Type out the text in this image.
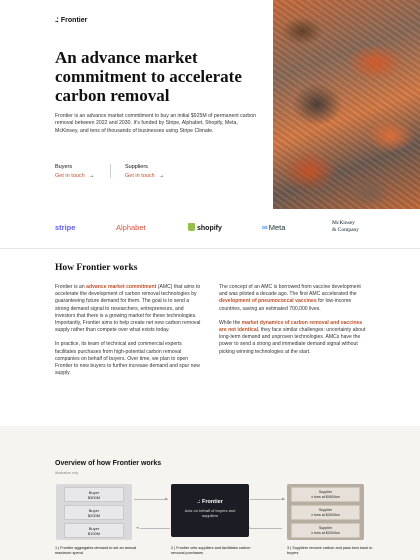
.: Frontier
An advance market commitment to accelerate carbon removal

Frontier is an advance market commitment to buy an initial $925M of permanent carbon removal between 2022 and 2030. It's funded by Stripe, Alphabet, Shopify, Meta, McKinsey, and tens of thousands of businesses using Stripe Climate.

Buyers
Get in touch →
Suppliers
Get in touch →
stripe	Alphabet	shopify	∞Meta	McKinsey
& Company
How Frontier works

Frontier is an advance market commitment (AMC) that aims to accelerate the development of carbon removal technologies by guaranteeing future demand for them. The goal is to send a strong demand signal to researchers, entrepreneurs, and investors that there is a growing market for these technologies. Importantly, Frontier aims to help create net new carbon removal supply rather than compete over what exists today.

In practice, its team of technical and commercial experts facilitates purchases from high-potential carbon removal companies on behalf of buyers. Over time, we plan to open Frontier to new buyers to further increase demand and spur new supply.

The concept of an AMC is borrowed from vaccine development and was piloted a decade ago. The first AMC accelerated the development of pneumococcal vaccines for low-income countries, saving an estimated 700,000 lives.

While the market dynamics of carbon removal and vaccines are not identical, they face similar challenges: uncertainty about long-term demand and unproven technologies. AMCs have the power to send a strong and immediate demand signal without picking winning technologies at the start.

Overview of how Frontier works
Illustrative only
Buyer
$300M
Buyer
$200M
Buyer
$100M
▸	▸
◂
.: Frontier
Acts on behalf of buyers and suppliers
Supplier
x tons at $400/ton
Supplier
x tons at $300/ton
Supplier
x tons at $200/ton
1 | Frontier aggregates demand to set an annual maximum spend
2 | Frontier vets suppliers and facilitates carbon removal purchases
3 | Suppliers remove carbon and pass tons back to buyers
